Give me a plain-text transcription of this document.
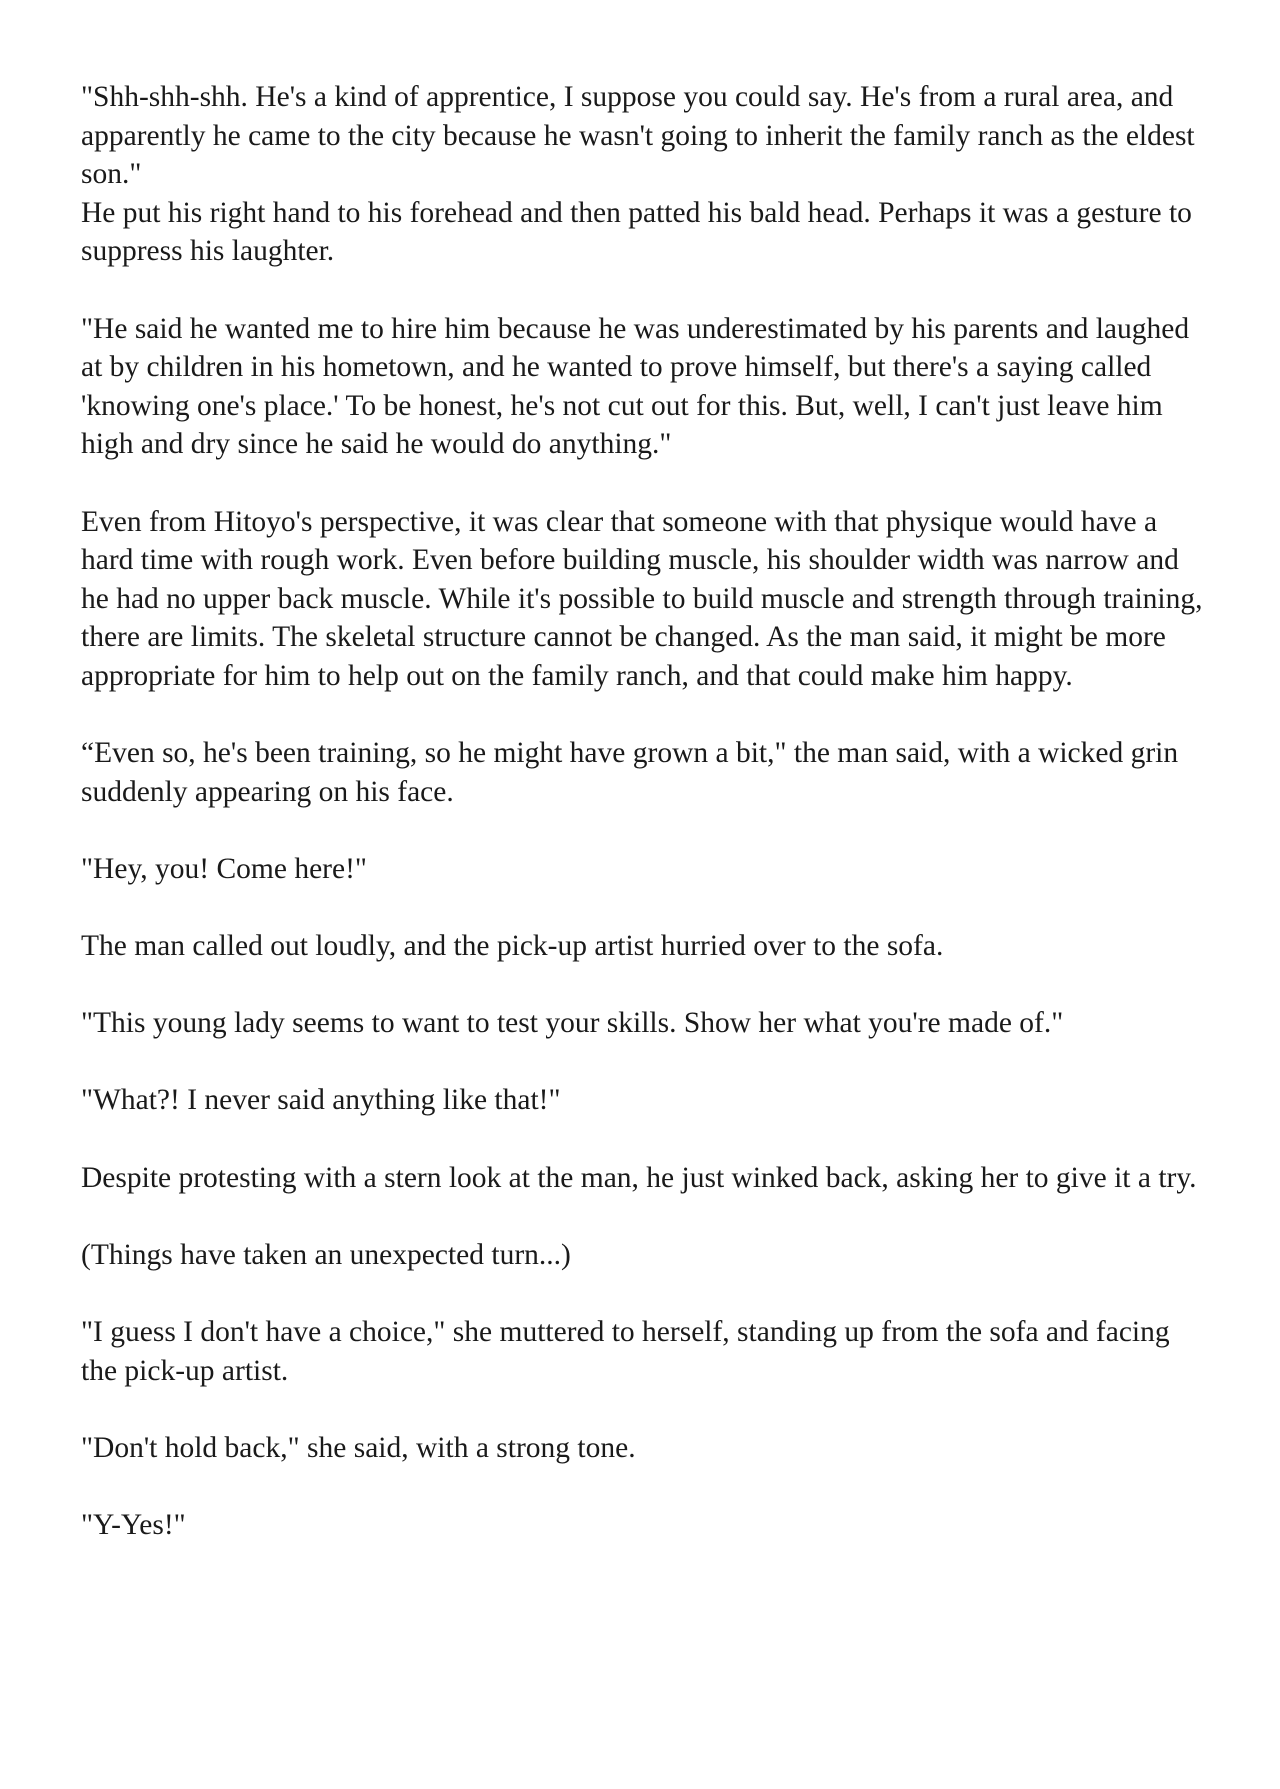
"Shh-shh-shh. He's a kind of apprentice, I suppose you could say. He's from a rural area, and apparently he came to the city because he wasn't going to inherit the family ranch as the eldest son."

He put his right hand to his forehead and then patted his bald head. Perhaps it was a gesture to suppress his laughter.

"He said he wanted me to hire him because he was underestimated by his parents and laughed at by children in his hometown, and he wanted to prove himself, but there's a saying called 'knowing one's place.' To be honest, he's not cut out for this. But, well, I can't just leave him high and dry since he said he would do anything."

Even from Hitoyo's perspective, it was clear that someone with that physique would have a hard time with rough work. Even before building muscle, his shoulder width was narrow and he had no upper back muscle. While it's possible to build muscle and strength through training, there are limits. The skeletal structure cannot be changed. As the man said, it might be more appropriate for him to help out on the family ranch, and that could make him happy.

“Even so, he's been training, so he might have grown a bit," the man said, with a wicked grin suddenly appearing on his face.

"Hey, you! Come here!"

The man called out loudly, and the pick-up artist hurried over to the sofa.

"This young lady seems to want to test your skills. Show her what you're made of."

"What?! I never said anything like that!"

Despite protesting with a stern look at the man, he just winked back, asking her to give it a try.

(Things have taken an unexpected turn...)

"I guess I don't have a choice," she muttered to herself, standing up from the sofa and facing the pick-up artist.

"Don't hold back," she said, with a strong tone.

"Y-Yes!"
